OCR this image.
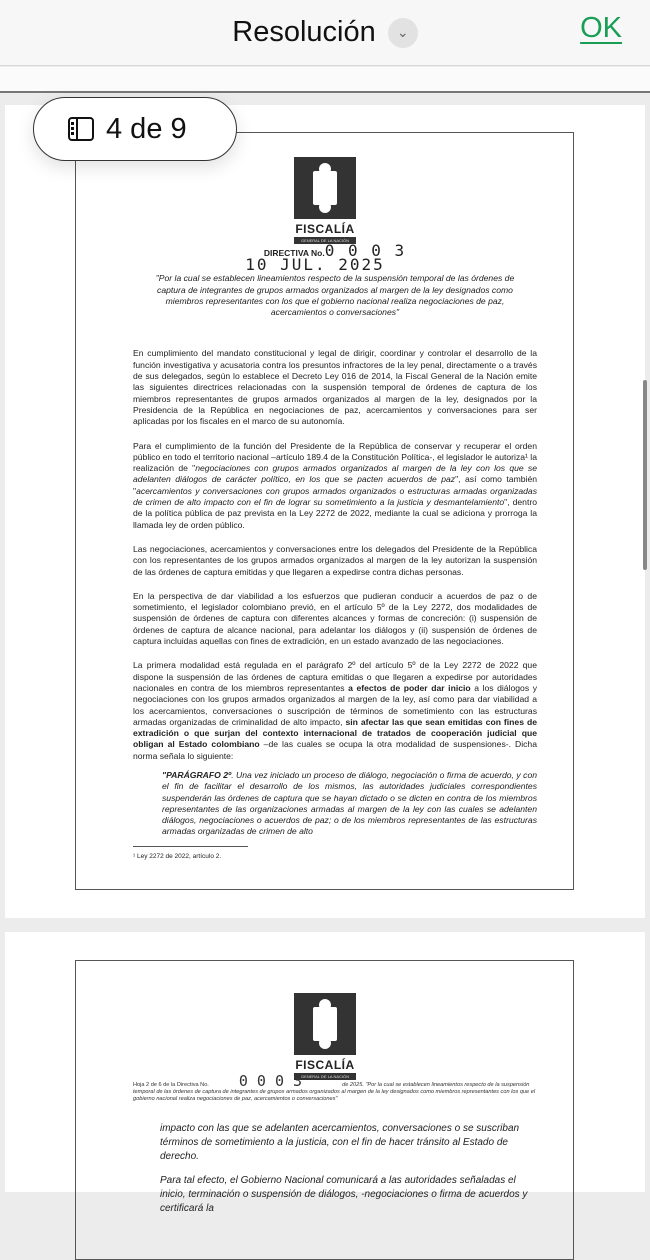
Resolución	⌄	OK
4 de 9
FISCALÍA
GENERAL DE LA NACIÓN
DIRECTIVA No.0 0 0 3
10 JUL. 2025

"Por la cual se establecen lineamientos respecto de la suspensión temporal de las órdenes de captura de integrantes de grupos armados organizados al margen de la ley designados como miembros representantes con los que el gobierno nacional realiza negociaciones de paz, acercamientos o conversaciones"

En cumplimiento del mandato constitucional y legal de dirigir, coordinar y controlar el desarrollo de la función investigativa y acusatoria contra los presuntos infractores de la ley penal, directamente o a través de sus delegados, según lo establece el Decreto Ley 016 de 2014, la Fiscal General de la Nación emite las siguientes directrices relacionadas con la suspensión temporal de órdenes de captura de los miembros representantes de grupos armados organizados al margen de la ley, designados por la Presidencia de la República en negociaciones de paz, acercamientos y conversaciones para ser aplicadas por los fiscales en el marco de su autonomía.

Para el cumplimiento de la función del Presidente de la República de conservar y recuperar el orden público en todo el territorio nacional –artículo 189.4 de la Constitución Política-, el legislador le autoriza¹ la realización de "negociaciones con grupos armados organizados al margen de la ley con los que se adelanten diálogos de carácter político, en los que se pacten acuerdos de paz", así como también "acercamientos y conversaciones con grupos armados organizados o estructuras armadas organizadas de crimen de alto impacto con el fin de lograr su sometimiento a la justicia y desmantelamiento", dentro de la política pública de paz prevista en la Ley 2272 de 2022, mediante la cual se adiciona y prorroga la llamada ley de orden público.

Las negociaciones, acercamientos y conversaciones entre los delegados del Presidente de la República con los representantes de los grupos armados organizados al margen de la ley autorizan la suspensión de las órdenes de captura emitidas y que llegaren a expedirse contra dichas personas.

En la perspectiva de dar viabilidad a los esfuerzos que pudieran conducir a acuerdos de paz o de sometimiento, el legislador colombiano previó, en el artículo 5º de la Ley 2272, dos modalidades de suspensión de órdenes de captura con diferentes alcances y formas de concreción: (i) suspensión de órdenes de captura de alcance nacional, para adelantar los diálogos y (ii) suspensión de órdenes de captura incluidas aquellas con fines de extradición, en un estado avanzado de las negociaciones.

La primera modalidad está regulada en el parágrafo 2º del artículo 5º de la Ley 2272 de 2022 que dispone la suspensión de las órdenes de captura emitidas o que llegaren a expedirse por autoridades nacionales en contra de los miembros representantes a efectos de poder dar inicio a los diálogos y negociaciones con los grupos armados organizados al margen de la ley, así como para dar viabilidad a los acercamientos, conversaciones o suscripción de términos de sometimiento con las estructuras armadas organizadas de criminalidad de alto impacto, sin afectar las que sean emitidas con fines de extradición o que surjan del contexto internacional de tratados de cooperación judicial que obligan al Estado colombiano –de las cuales se ocupa la otra modalidad de suspensiones-. Dicha norma señala lo siguiente:

"PARÁGRAFO 2º. Una vez iniciado un proceso de diálogo, negociación o firma de acuerdo, y con el fin de facilitar el desarrollo de los mismos, las autoridades judiciales correspondientes suspenderán las órdenes de captura que se hayan dictado o se dicten en contra de los miembros representantes de las organizaciones armadas al margen de la ley con las cuales se adelanten diálogos, negociaciones o acuerdos de paz; o de los miembros representantes de las estructuras armadas organizadas de crimen de alto

¹ Ley 2272 de 2022, artículo 2.
FISCALÍA
GENERAL DE LA NACIÓN
Hoja 2 de 6 de la Directiva No. 0 0 0 3	de 2025. "Por la cual se establecen lineamientos respecto de la suspensión temporal de las órdenes de captura de integrantes de grupos armados organizados al margen de la ley designados como miembros representantes con los que el gobierno nacional realiza negociaciones de paz, acercamientos o conversaciones"

impacto con las que se adelanten acercamientos, conversaciones o se suscriban términos de sometimiento a la justicia, con el fin de hacer tránsito al Estado de derecho.

Para tal efecto, el Gobierno Nacional comunicará a las autoridades señaladas el inicio, terminación o suspensión de diálogos, -negociaciones o firma de acuerdos y certificará la
